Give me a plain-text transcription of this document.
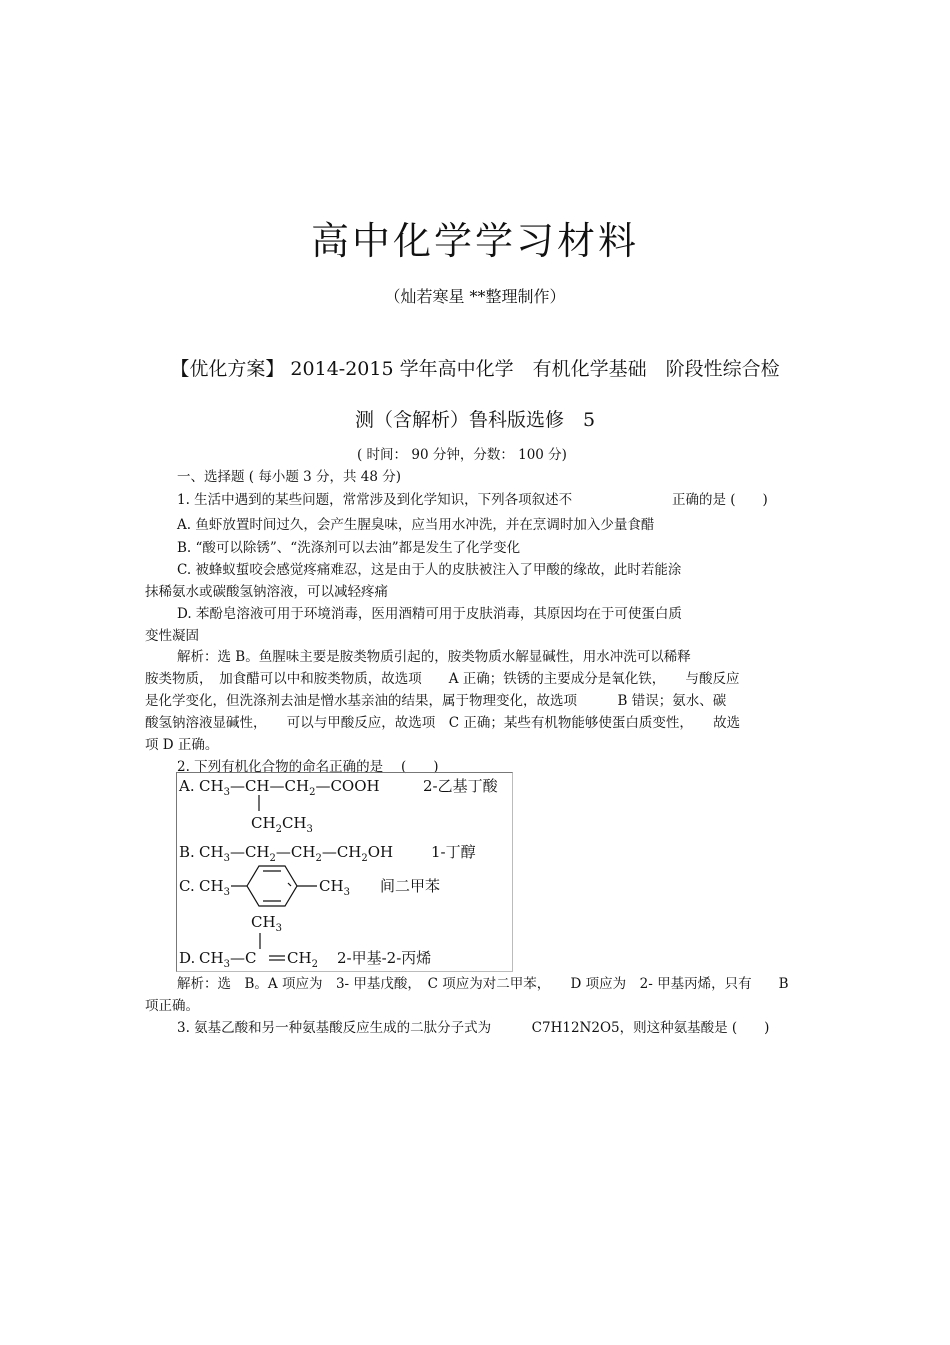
高中化学学习材料
（灿若寒星 **整理制作）
【优化方案】 2014-2015 学年高中化学　有机化学基础　阶段性综合检
测（含解析）鲁科版选修　5
( 时间： 90 分钟，分数： 100 分)
一、选择题 ( 每小题 3 分，共 48 分)
1. 生活中遇到的某些问题，常常涉及到化学知识，下列各项叙述不	正确的是 (　　)
A. 鱼虾放置时间过久，会产生腥臭味，应当用水冲洗，并在烹调时加入少量食醋
B. “酸可以除锈”、“洗涤剂可以去油”都是发生了化学变化
C. 被蜂蚁蜇咬会感觉疼痛难忍，这是由于人的皮肤被注入了甲酸的缘故，此时若能涂
抹稀氨水或碳酸氢钠溶液，可以减轻疼痛
D. 苯酚皂溶液可用于环境消毒，医用酒精可用于皮肤消毒，其原因均在于可使蛋白质
变性凝固
解析：选 B。鱼腥味主要是胺类物质引起的，胺类物质水解显碱性，用水冲洗可以稀释
胺类物质，　加食醋可以中和胺类物质，故选项　　A 正确；铁锈的主要成分是氧化铁，　　与酸反应
是化学变化，但洗涤剂去油是憎水基亲油的结果，属于物理变化，故选项　　　B 错误；氨水、碳
酸氢钠溶液显碱性，　　可以与甲酸反应，故选项　C 正确；某些有机物能够使蛋白质变性，　　故选
项 D 正确。
2. 下列有机化合物的命名正确的是　 (　　)
A. $CH_3—CH—CH_2—COOH$
$CH_2CH_3$
2-乙基丁酸
B. $CH_3—CH_2—CH_2—CH_2OH$	1-丁醇
C. $CH_3$	$CH_3$ 间二甲苯
$CH_3$
D. $CH_3—C$ $CH_2$ 2-甲基-2-丙烯
解析：选　B。A 项应为　3- 甲基戊酸，　C 项应为对二甲苯，　　D 项应为　2- 甲基丙烯，只有　　B
项正确。
3. 氨基乙酸和另一种氨基酸反应生成的二肽分子式为　　　C7H12N2O5，则这种氨基酸是 (　　)
